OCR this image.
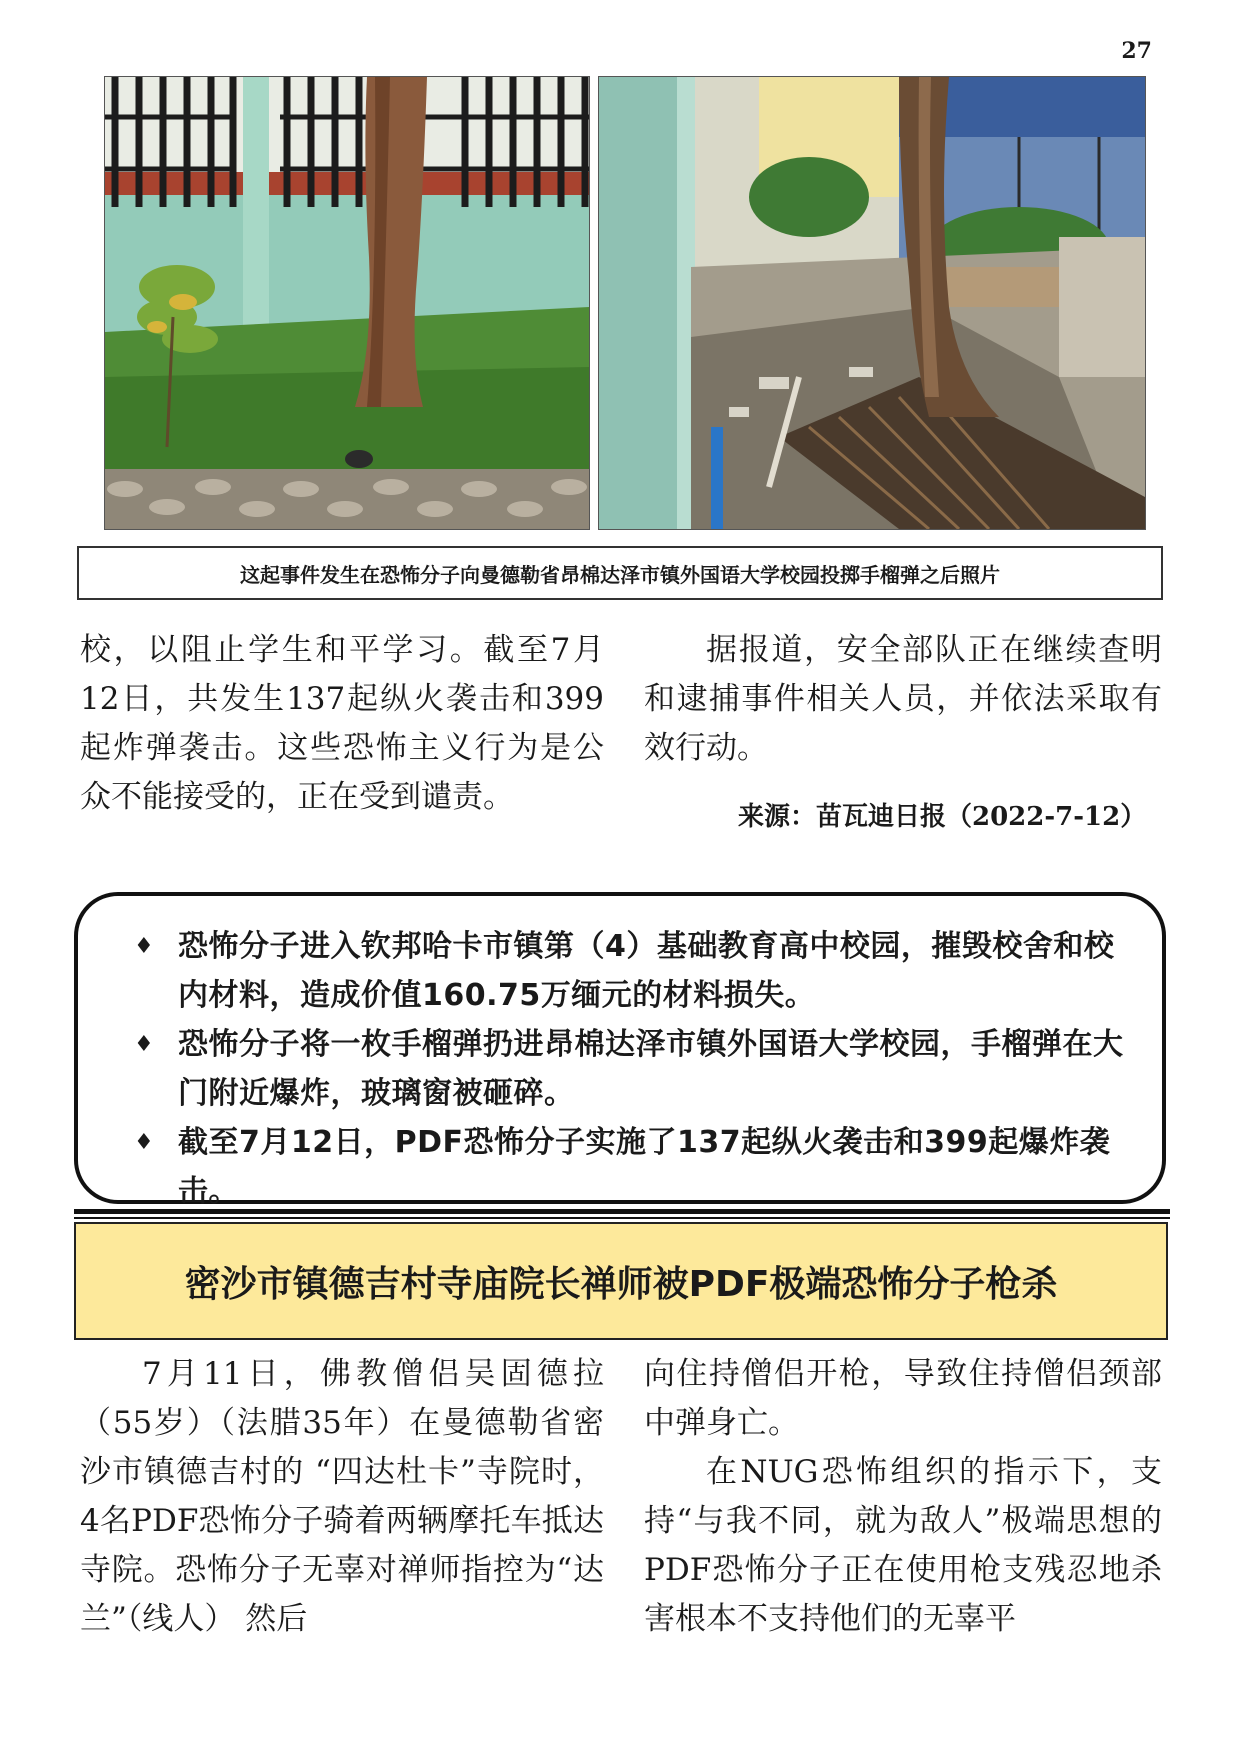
27
这起事件发生在恐怖分子向曼德勒省昂棉达泽市镇外国语大学校园投掷手榴弹之后照片

校，以阻止学生和平学习。截至7月12日，共发生137起纵火袭击和399起炸弹袭击。这些恐怖主义行为是公众不能接受的，正在受到谴责。

据报道，安全部队正在继续查明和逮捕事件相关人员，并依法采取有效行动。

来源：苗瓦迪日报（2022-7-12）
♦ 恐怖分子进入钦邦哈卡市镇第（4）基础教育高中校园，摧毁校舍和校内材料，造成价值160.75万缅元的材料损失。
♦ 恐怖分子将一枚手榴弹扔进昂棉达泽市镇外国语大学校园，手榴弹在大门附近爆炸，玻璃窗被砸碎。
♦ 截至7月12日，PDF恐怖分子实施了137起纵火袭击和399起爆炸袭击。
密沙市镇德吉村寺庙院长禅师被PDF极端恐怖分子枪杀

7月11日，佛教僧侣吴固德拉（55岁）（法腊35年）在曼德勒省密沙市镇德吉村的 “四达杜卡”寺院时，4名PDF恐怖分子骑着两辆摩托车抵达寺院。恐怖分子无辜对禅师指控为“达兰”（线人） 然后

向住持僧侣开枪，导致住持僧侣颈部中弹身亡。

在NUG恐怖组织的指示下，支持“与我不同，就为敌人”极端思想的PDF恐怖分子正在使用枪支残忍地杀害根本不支持他们的无辜平
